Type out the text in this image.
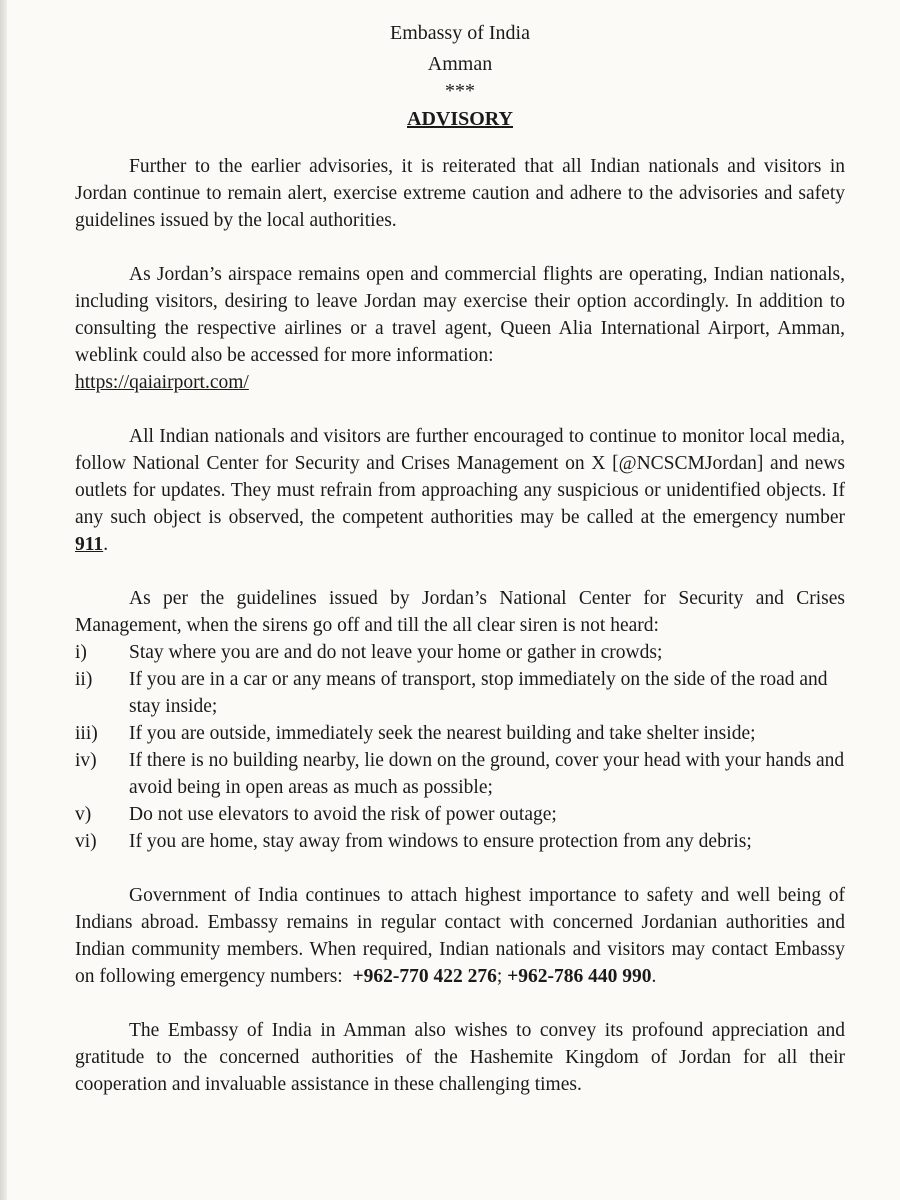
Embassy of India
Amman
***
ADVISORY

Further to the earlier advisories, it is reiterated that all Indian nationals and visitors in Jordan continue to remain alert, exercise extreme caution and adhere to the advisories and safety guidelines issued by the local authorities.

As Jordan’s airspace remains open and commercial flights are operating, Indian nationals, including visitors, desiring to leave Jordan may exercise their option accordingly. In addition to consulting the respective airlines or a travel agent, Queen Alia International Airport, Amman, weblink could also be accessed for more information:
https://qaiairport.com/

All Indian nationals and visitors are further encouraged to continue to monitor local media, follow National Center for Security and Crises Management on X [@NCSCMJordan] and news outlets for updates. They must refrain from approaching any suspicious or unidentified objects. If any such object is observed, the competent authorities may be called at the emergency number 911.

As per the guidelines issued by Jordan’s National Center for Security and Crises Management, when the sirens go off and till the all clear siren is not heard:

i)	Stay where you are and do not leave your home or gather in crowds;
ii)	If you are in a car or any means of transport, stop immediately on the side of the road and stay inside;
iii)	If you are outside, immediately seek the nearest building and take shelter inside;
iv)	If there is no building nearby, lie down on the ground, cover your head with your hands and avoid being in open areas as much as possible;
v)	Do not use elevators to avoid the risk of power outage;
vi)	If you are home, stay away from windows to ensure protection from any debris;

Government of India continues to attach highest importance to safety and well being of Indians abroad. Embassy remains in regular contact with concerned Jordanian authorities and Indian community members. When required, Indian nationals and visitors may contact Embassy on following emergency numbers: +962-770 422 276; +962-786 440 990.

The Embassy of India in Amman also wishes to convey its profound appreciation and gratitude to the concerned authorities of the Hashemite Kingdom of Jordan for all their cooperation and invaluable assistance in these challenging times.
